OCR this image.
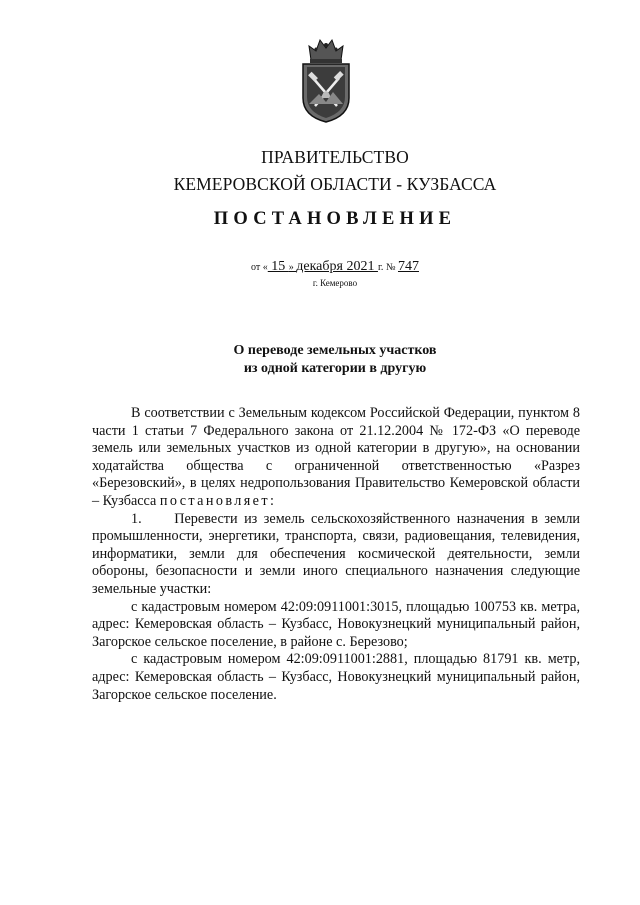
ПРАВИТЕЛЬСТВО
КЕМЕРОВСКОЙ ОБЛАСТИ - КУЗБАССА
ПОСТАНОВЛЕНИЕ
от « 15 » декабря 2021 г. № 747
г. Кемерово
О переводе земельных участков
из одной категории в другую

В соответствии с Земельным кодексом Российской Федерации, пунктом 8 части 1 статьи 7 Федерального закона от 21.12.2004 № 172-ФЗ «О переводе земель или земельных участков из одной категории в другую», на основании ходатайства общества с ограниченной ответственностью «Разрез «Березовский», в целях недропользования Правительство Кемеровской области – Кузбасса постановляет:

1.     Перевести из земель сельскохозяйственного назначения в земли промышленности, энергетики, транспорта, связи, радиовещания, телевидения, информатики, земли для обеспечения космической деятельности, земли обороны, безопасности и земли иного специального назначения следующие земельные участки:

с кадастровым номером 42:09:0911001:3015, площадью 100753 кв. метра, адрес: Кемеровская область – Кузбасс, Новокузнецкий муниципальный район, Загорское сельское поселение, в районе с. Березово;

с кадастровым номером 42:09:0911001:2881, площадью 81791 кв. метр, адрес: Кемеровская область – Кузбасс, Новокузнецкий муниципальный район, Загорское сельское поселение.
